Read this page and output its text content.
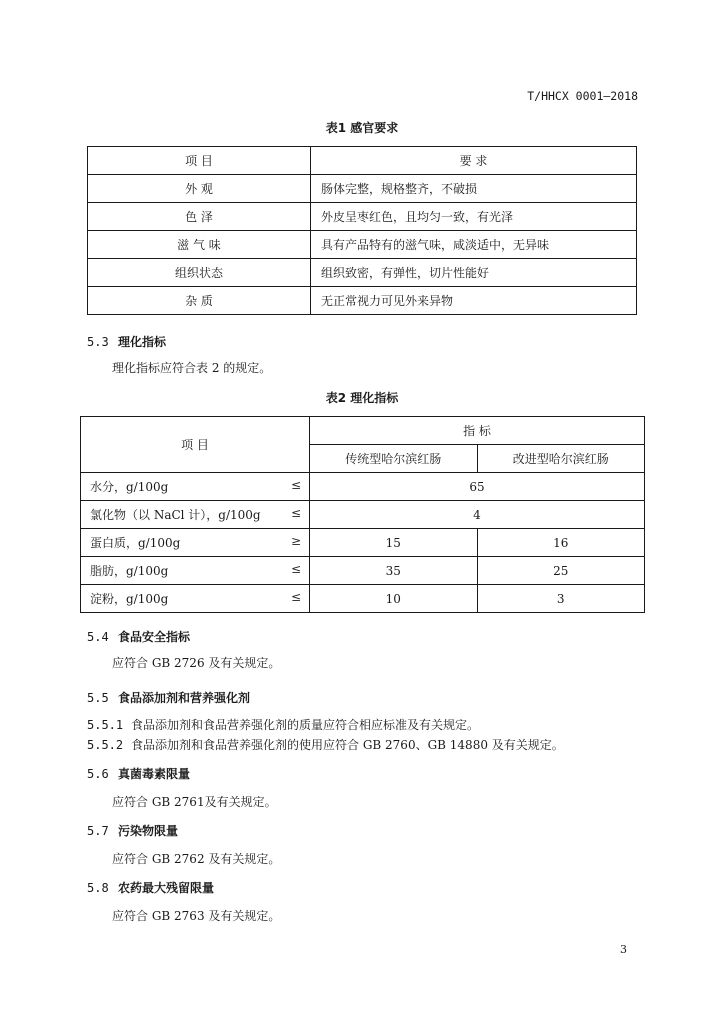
T/HHCX 0001—2018
表1 感官要求
项 目	要 求
外 观	肠体完整，规格整齐，不破损
色 泽	外皮呈枣红色，且均匀一致，有光泽
滋 气 味	具有产品特有的滋气味，咸淡适中，无异味
组织状态	组织致密，有弹性，切片性能好
杂 质	无正常视力可见外来异物
5.3 理化指标
理化指标应符合表 2 的规定。
表2 理化指标
项 目	指 标	
	传统型哈尔滨红肠	改进型哈尔滨红肠
水分，g/100g ≤	65	
氯化物（以 NaCl 计），g/100g ≤	4	
蛋白质，g/100g ≥	15	16
脂肪，g/100g ≤	35	25
淀粉，g/100g ≤	10	3
5.4 食品安全指标
应符合 GB 2726 及有关规定。
5.5 食品添加剂和营养强化剂
5.5.1 食品添加剂和食品营养强化剂的质量应符合相应标准及有关规定。
5.5.2 食品添加剂和食品营养强化剂的使用应符合 GB 2760、GB 14880 及有关规定。
5.6 真菌毒素限量
应符合 GB 2761及有关规定。
5.7 污染物限量
应符合 GB 2762 及有关规定。
5.8 农药最大残留限量
应符合 GB 2763 及有关规定。
3
